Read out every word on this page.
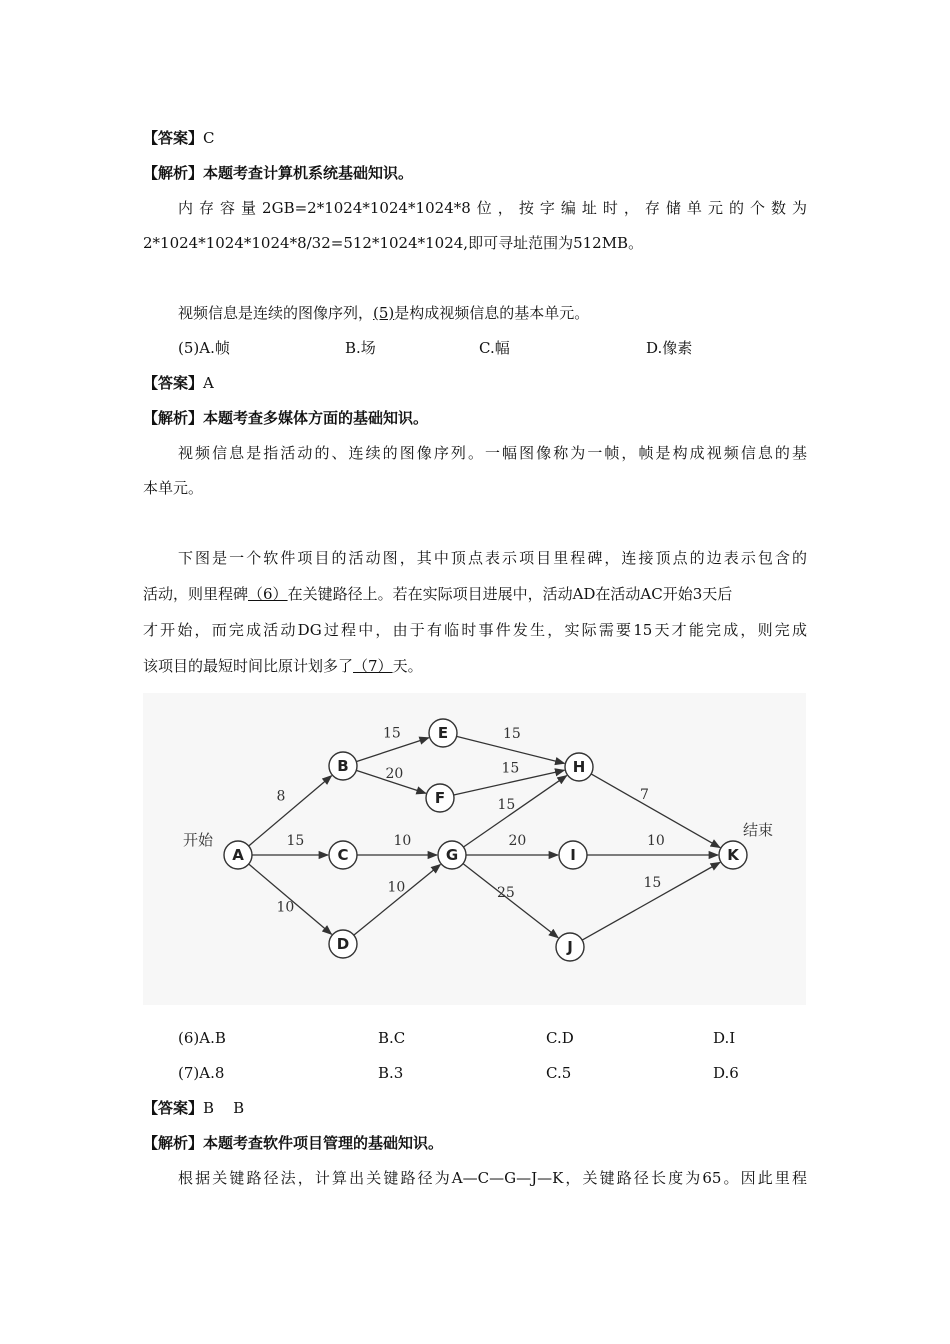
【答案】C
【解析】本题考查计算机系统基础知识。
内存容量2GB=2*1024*1024*1024*8位，按字编址时，存储单元的个数为
2*1024*1024*1024*8/32=512*1024*1024,即可寻址范围为512MB。
视频信息是连续的图像序列，(5)是构成视频信息的基本单元。
(5)A.帧	B.场	C.幅	D.像素
【答案】A
【解析】本题考查多媒体方面的基础知识。
视频信息是指活动的、连续的图像序列。一幅图像称为一帧，帧是构成视频信息的基
本单元。
下图是一个软件项目的活动图，其中顶点表示项目里程碑，连接顶点的边表示包含的
活动，则里程碑（6）在关键路径上。若在实际项目进展中，活动AD在活动AC开始3天后
才开始，而完成活动DG过程中，由于有临时事件发生，实际需要15天才能完成，则完成
该项目的最短时间比原计划多了（7）天。
8
15
10
15
20
10
10
15
15
15
20
25
7
10
15
A
B
C
D
E
F
G
H
I
J
K
开始
结束
(6)A.B	B.C	C.D	D.I
(7)A.8	B.3	C.5	D.6
【答案】B    B
【解析】本题考查软件项目管理的基础知识。
根据关键路径法，计算出关键路径为A—C—G—J—K，关键路径长度为65。因此里程
